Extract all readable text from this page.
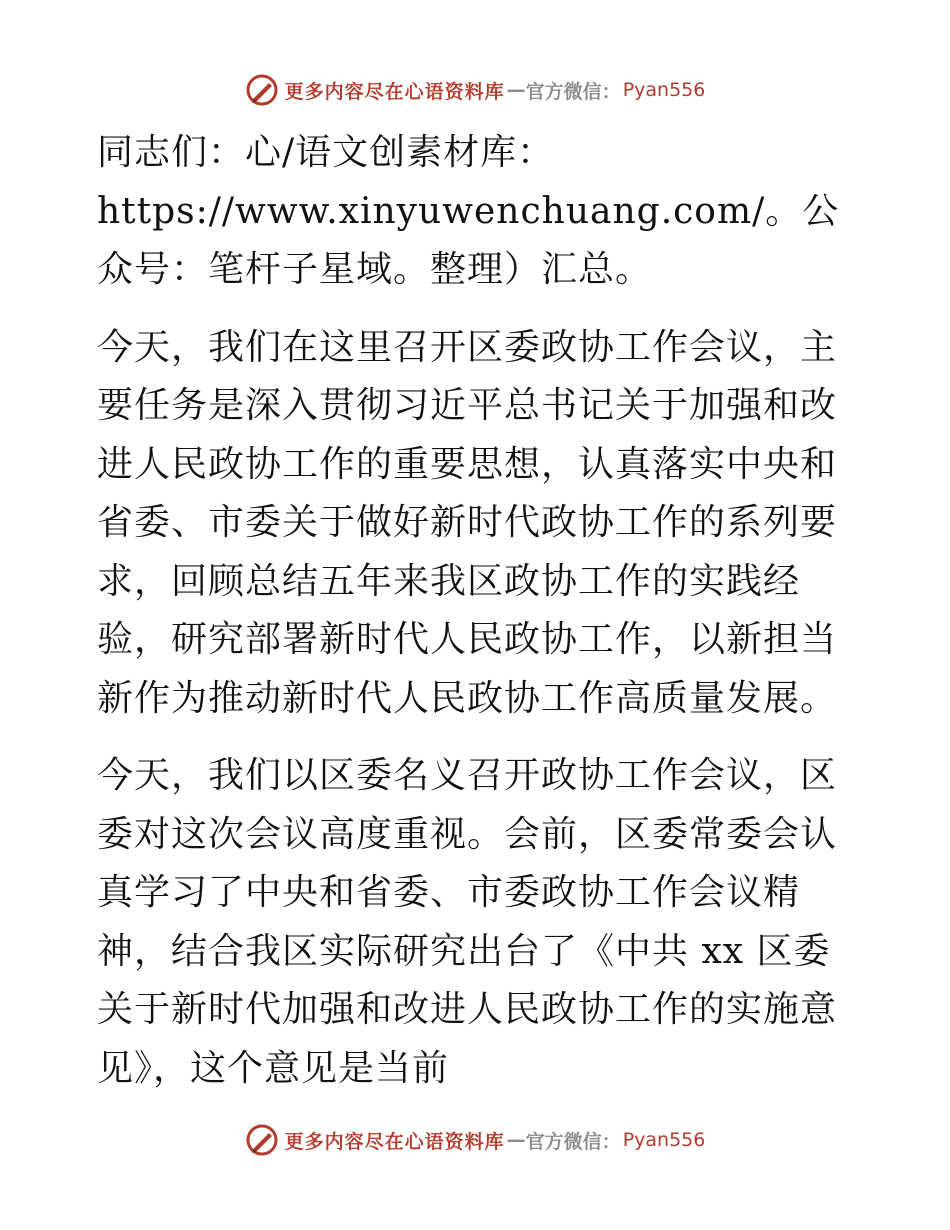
更多内容尽在心语资料库 — 官方微信： Pyan556

同志们：心/语文创素材库：https://www.xinyuwenchuang.com/。公众号：笔杆子星域。整理）汇总。

今天，我们在这里召开区委政协工作会议，主要任务是深入贯彻习近平总书记关于加强和改进人民政协工作的重要思想，认真落实中央和省委、市委关于做好新时代政协工作的系列要求，回顾总结五年来我区政协工作的实践经验，研究部署新时代人民政协工作，以新担当新作为推动新时代人民政协工作高质量发展。

今天，我们以区委名义召开政协工作会议，区委对这次会议高度重视。会前，区委常委会认真学习了中央和省委、市委政协工作会议精神，结合我区实际研究出台了《中共 xx 区委关于新时代加强和改进人民政协工作的实施意见》，这个意见是当前

更多内容尽在心语资料库 — 官方微信： Pyan556
